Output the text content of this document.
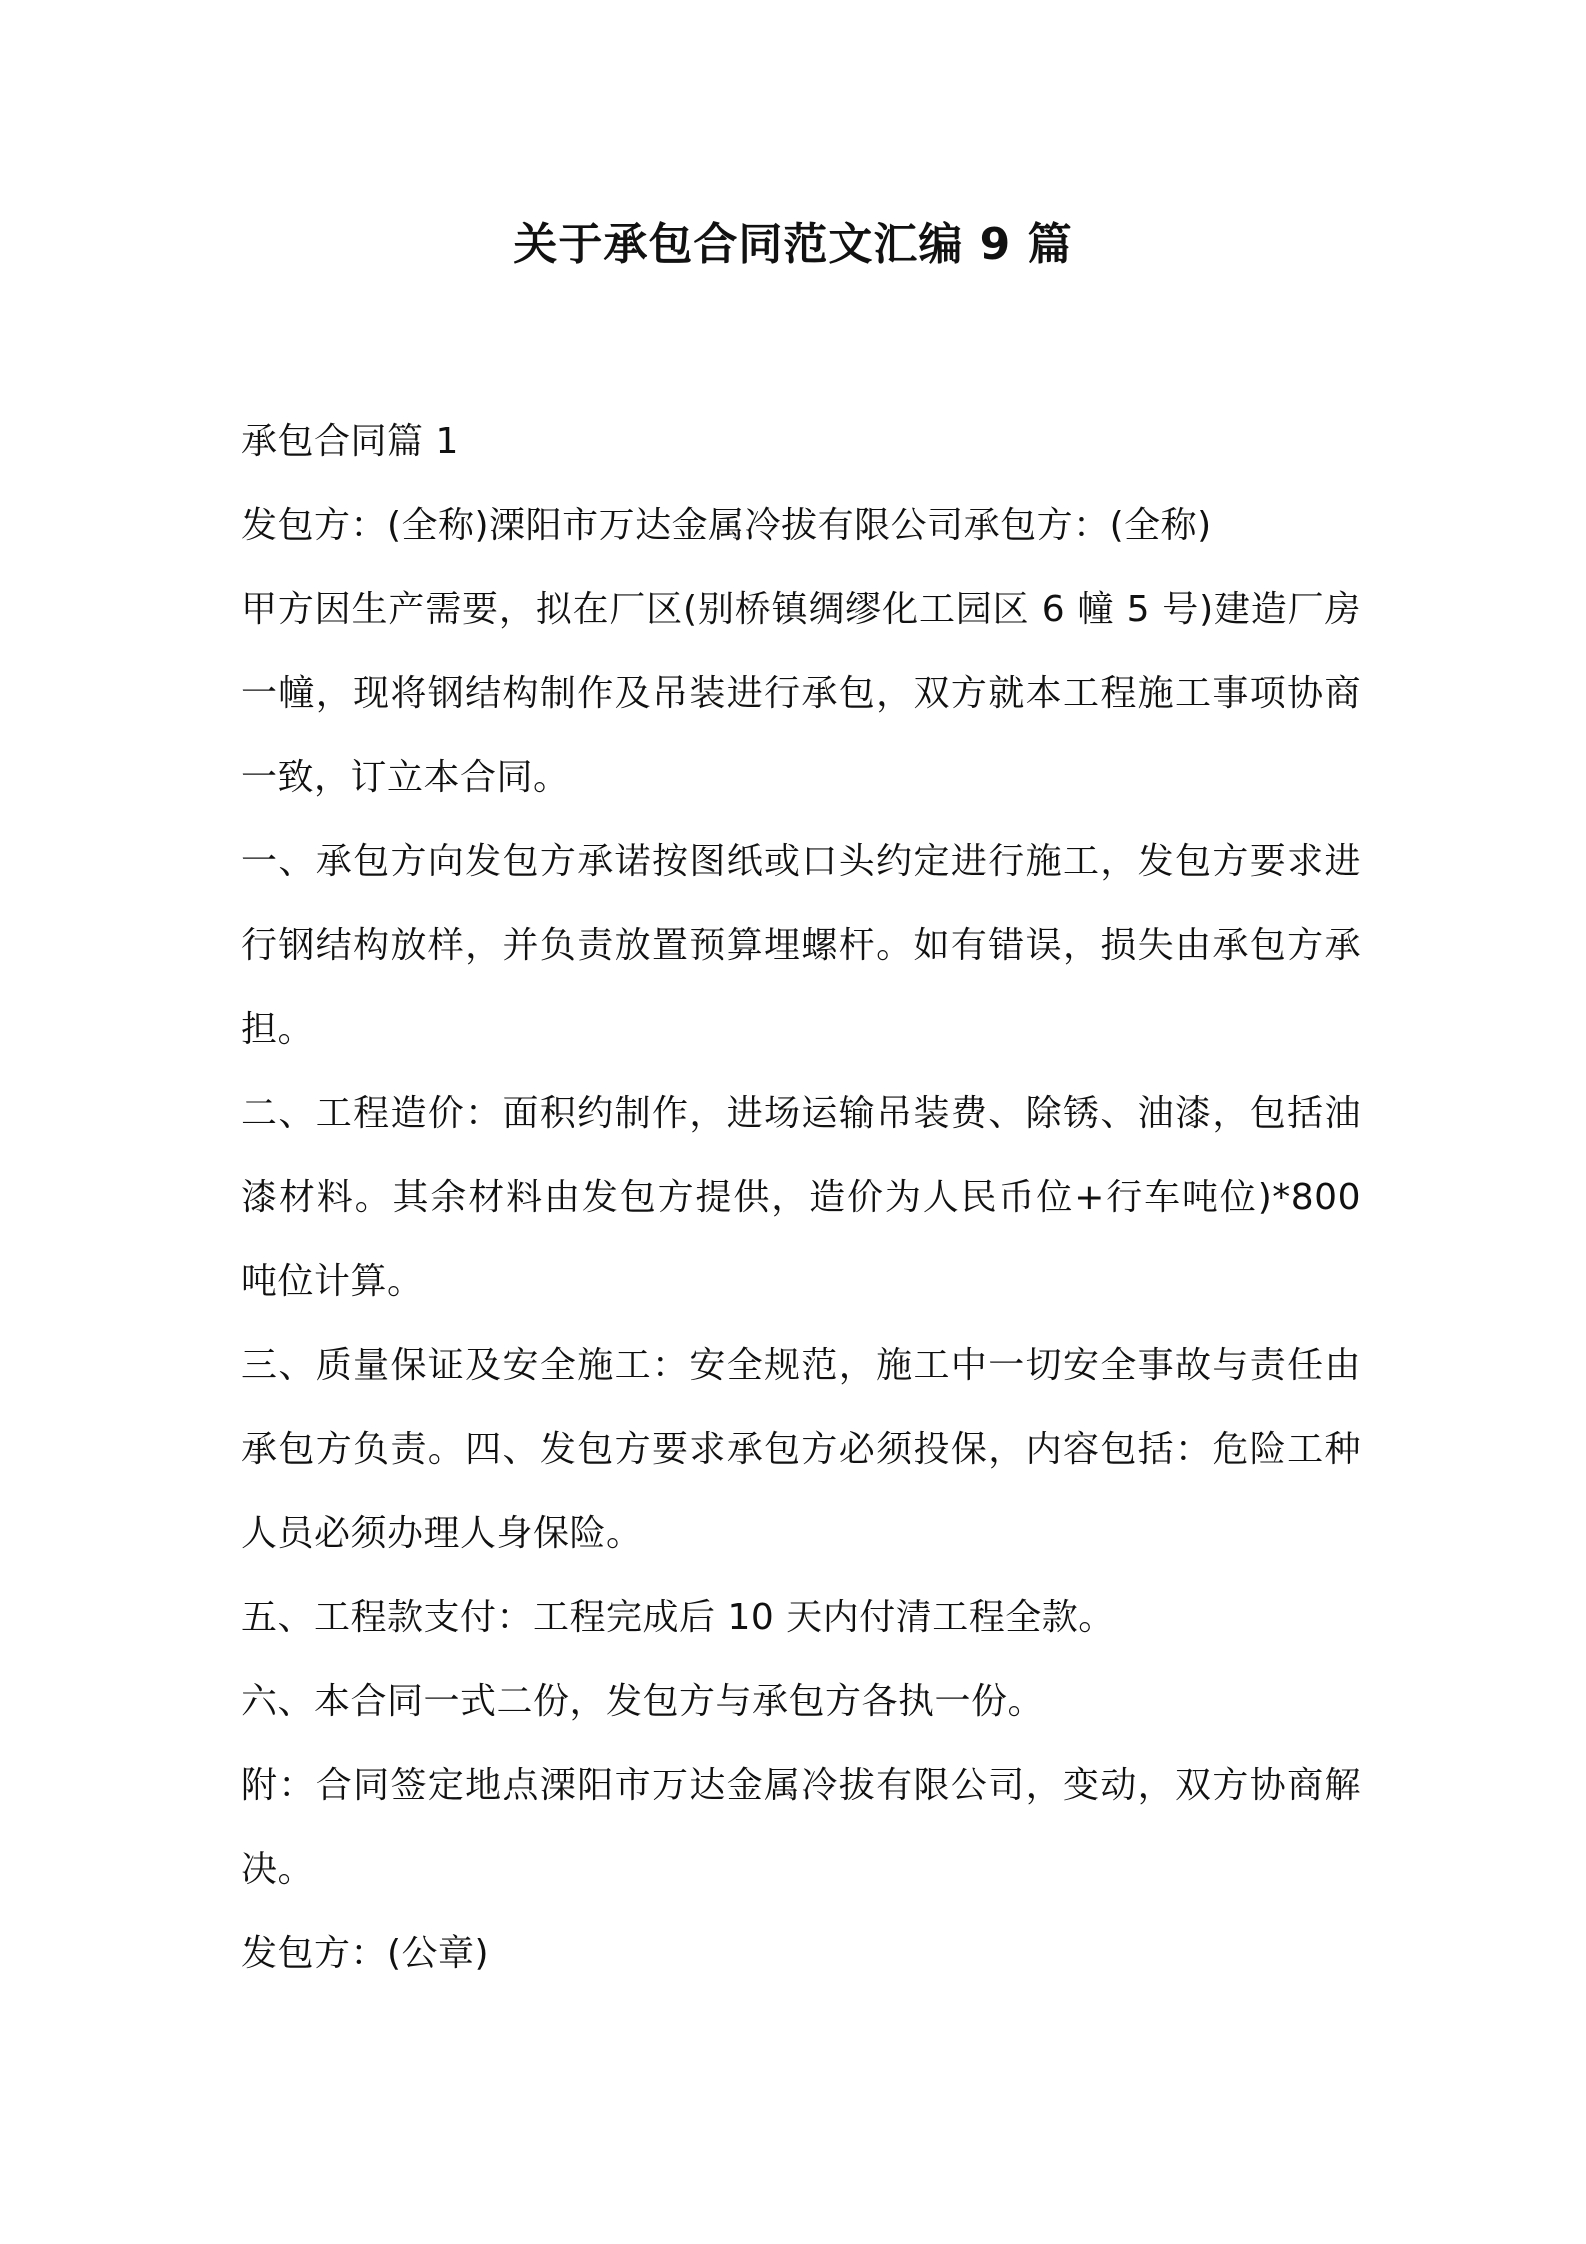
关于承包合同范文汇编 9 篇

承包合同篇 1

发包方：(全称)溧阳市万达金属冷拔有限公司承包方：(全称)

甲方因生产需要，拟在厂区(别桥镇绸缪化工园区 6 幢 5 号)建造厂房一幢，现将钢结构制作及吊装进行承包，双方就本工程施工事项协商一致，订立本合同。

一、承包方向发包方承诺按图纸或口头约定进行施工，发包方要求进行钢结构放样，并负责放置预算埋螺杆。如有错误，损失由承包方承担。

二、工程造价：面积约制作，进场运输吊装费、除锈、油漆，包括油漆材料。其余材料由发包方提供，造价为人民币位+行车吨位)*800 吨位计算。

三、质量保证及安全施工：安全规范，施工中一切安全事故与责任由承包方负责。四、发包方要求承包方必须投保，内容包括：危险工种人员必须办理人身保险。

五、工程款支付：工程完成后 10 天内付清工程全款。

六、本合同一式二份，发包方与承包方各执一份。

附：合同签定地点溧阳市万达金属冷拔有限公司，变动，双方协商解决。

发包方：(公章)
